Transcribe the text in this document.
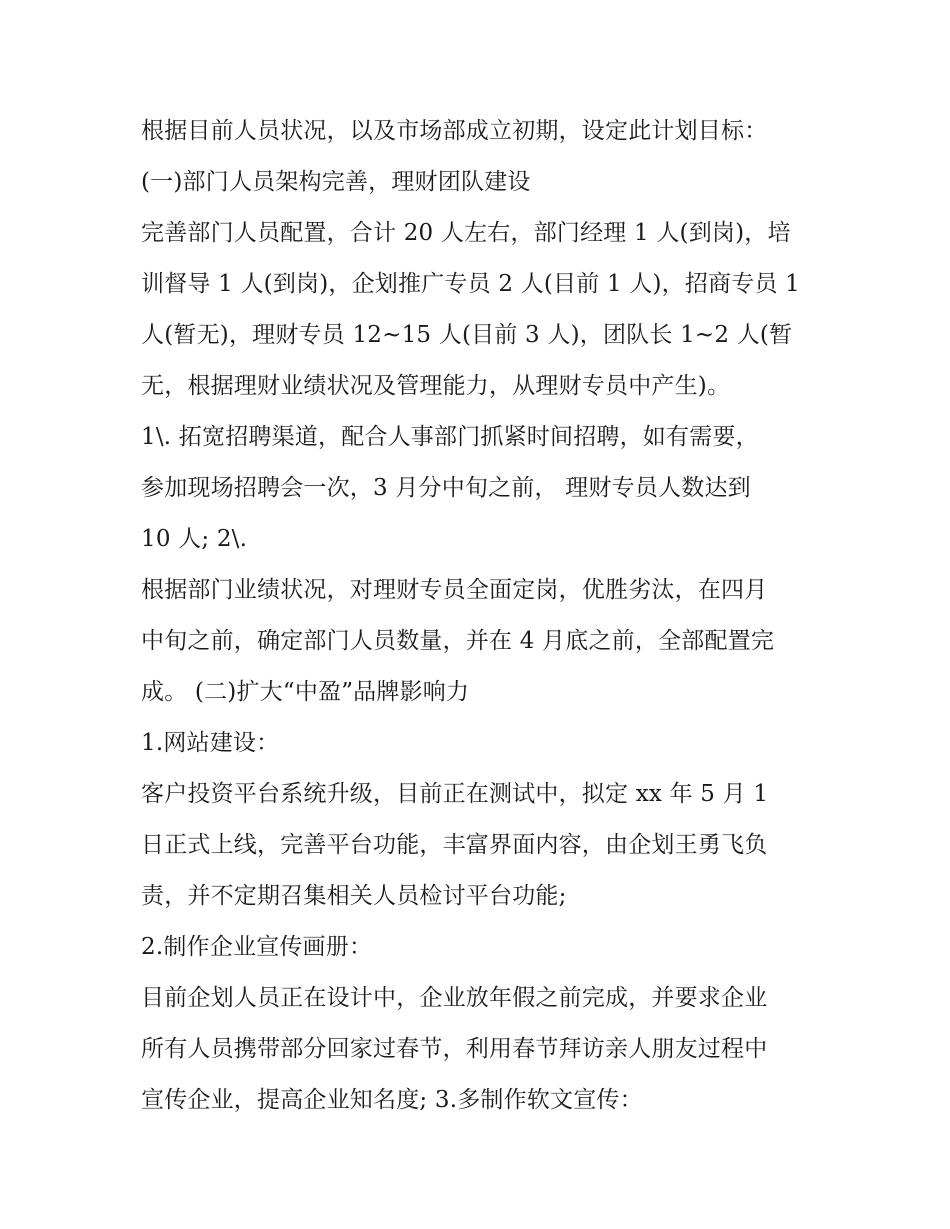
根据目前人员状况，以及市场部成立初期，设定此计划目标：
(一)部门人员架构完善，理财团队建设
完善部门人员配置，合计 20 人左右，部门经理 1 人(到岗)，培
训督导 1 人(到岗)，企划推广专员 2 人(目前 1 人)，招商专员 1
人(暂无)，理财专员 12~15 人(目前 3 人)，团队长 1~2 人(暂
无，根据理财业绩状况及管理能力，从理财专员中产生)。
1\. 拓宽招聘渠道，配合人事部门抓紧时间招聘，如有需要，
参加现场招聘会一次，3 月分中旬之前， 理财专员人数达到
10 人; 2\.
根据部门业绩状况，对理财专员全面定岗，优胜劣汰，在四月
中旬之前，确定部门人员数量，并在 4 月底之前，全部配置完
成。 (二)扩大“中盈”品牌影响力
1.网站建设：
客户投资平台系统升级，目前正在测试中，拟定 xx 年 5 月 1
日正式上线，完善平台功能，丰富界面内容，由企划王勇飞负
责，并不定期召集相关人员检讨平台功能;
2.制作企业宣传画册：
目前企划人员正在设计中，企业放年假之前完成，并要求企业
所有人员携带部分回家过春节，利用春节拜访亲人朋友过程中
宣传企业，提高企业知名度; 3.多制作软文宣传：
